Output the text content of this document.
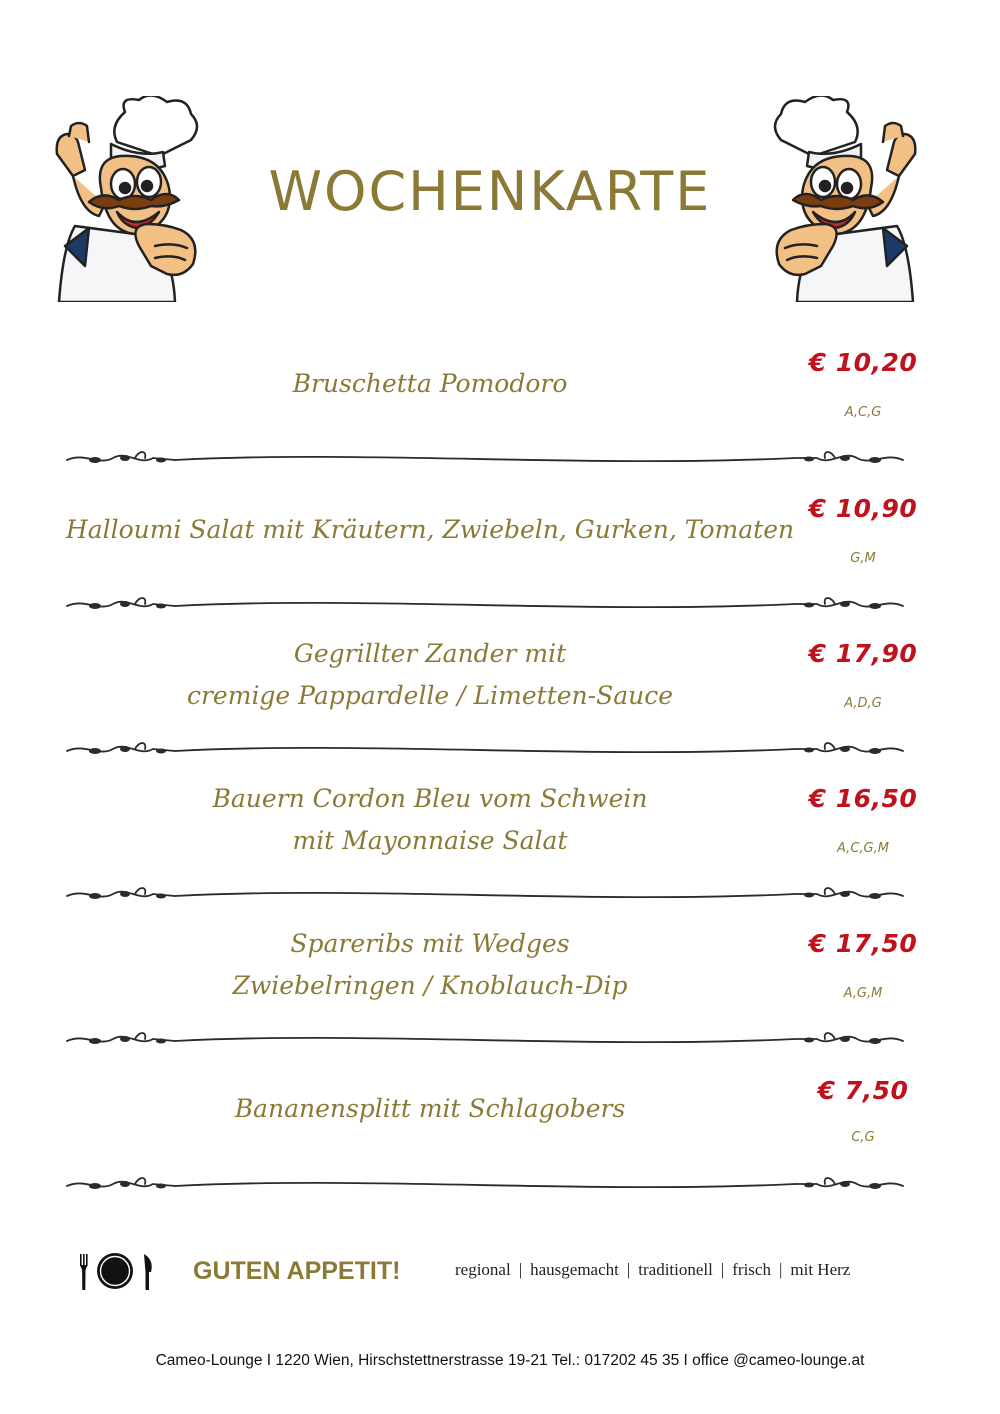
WOCHENKARTE
Bruschetta Pomodoro
€ 10,20
A,C,G
Halloumi Salat mit Kräutern, Zwiebeln, Gurken, Tomaten
€ 10,90
G,M
Gegrillter Zander mit
cremige Pappardelle / Limetten-Sauce
€ 17,90
A,D,G
Bauern Cordon Bleu vom Schwein
mit Mayonnaise Salat
€ 16,50
A,C,G,M
Spareribs mit Wedges
Zwiebelringen / Knoblauch-Dip
€ 17,50
A,G,M
Bananensplitt mit Schlagobers
€ 7,50
C,G
GUTEN APPETIT!	regional | hausgemacht | traditionell | frisch | mit Herz
Cameo-Lounge I 1220 Wien, Hirschstettnerstrasse 19-21 Tel.: 017202 45 35 I office @cameo-lounge.at
